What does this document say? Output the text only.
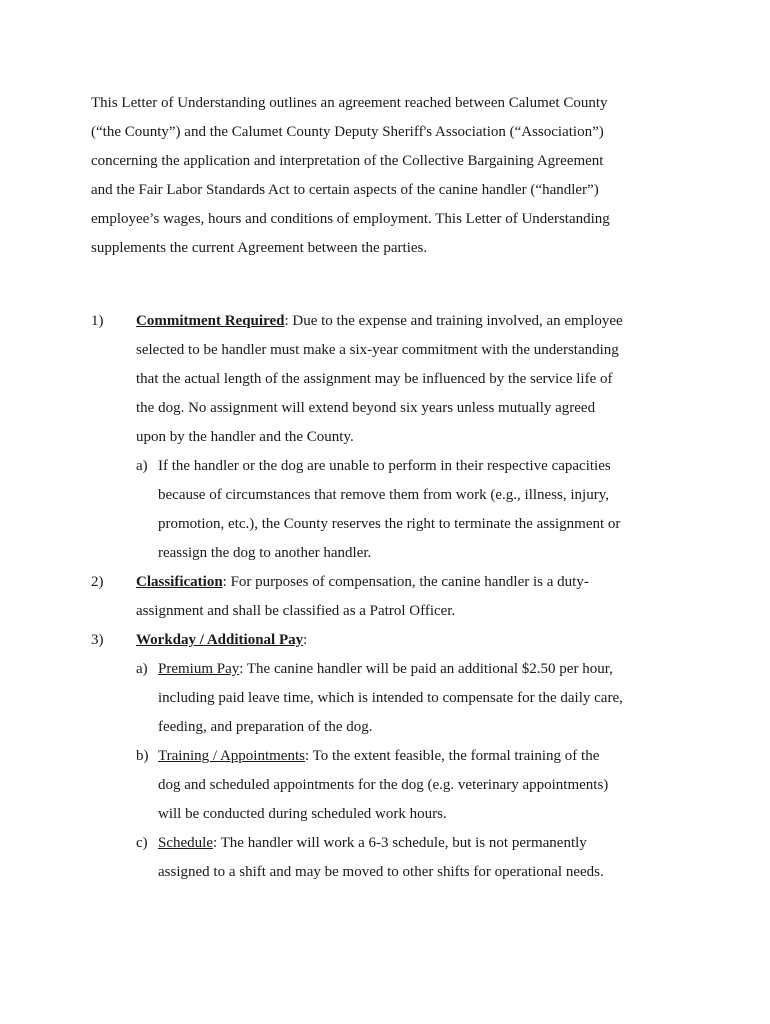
This Letter of Understanding outlines an agreement reached between Calumet County
(“the County”) and the Calumet County Deputy Sheriff's Association (“Association”)
concerning the application and interpretation of the Collective Bargaining Agreement
and the Fair Labor Standards Act to certain aspects of the canine handler (“handler”)
employee’s wages, hours and conditions of employment. This Letter of Understanding
supplements the current Agreement between the parties.
1) Commitment Required: Due to the expense and training involved, an employee
selected to be handler must make a six-year commitment with the understanding
that the actual length of the assignment may be influenced by the service life of
the dog. No assignment will extend beyond six years unless mutually agreed
upon by the handler and the County.
a) If the handler or the dog are unable to perform in their respective capacities
because of circumstances that remove them from work (e.g., illness, injury,
promotion, etc.), the County reserves the right to terminate the assignment or
reassign the dog to another handler.
2) Classification: For purposes of compensation, the canine handler is a duty-
assignment and shall be classified as a Patrol Officer.
3) Workday / Additional Pay:
a) Premium Pay: The canine handler will be paid an additional $2.50 per hour,
including paid leave time, which is intended to compensate for the daily care,
feeding, and preparation of the dog.
b) Training / Appointments: To the extent feasible, the formal training of the
dog and scheduled appointments for the dog (e.g. veterinary appointments)
will be conducted during scheduled work hours.
c) Schedule: The handler will work a 6-3 schedule, but is not permanently
assigned to a shift and may be moved to other shifts for operational needs.
